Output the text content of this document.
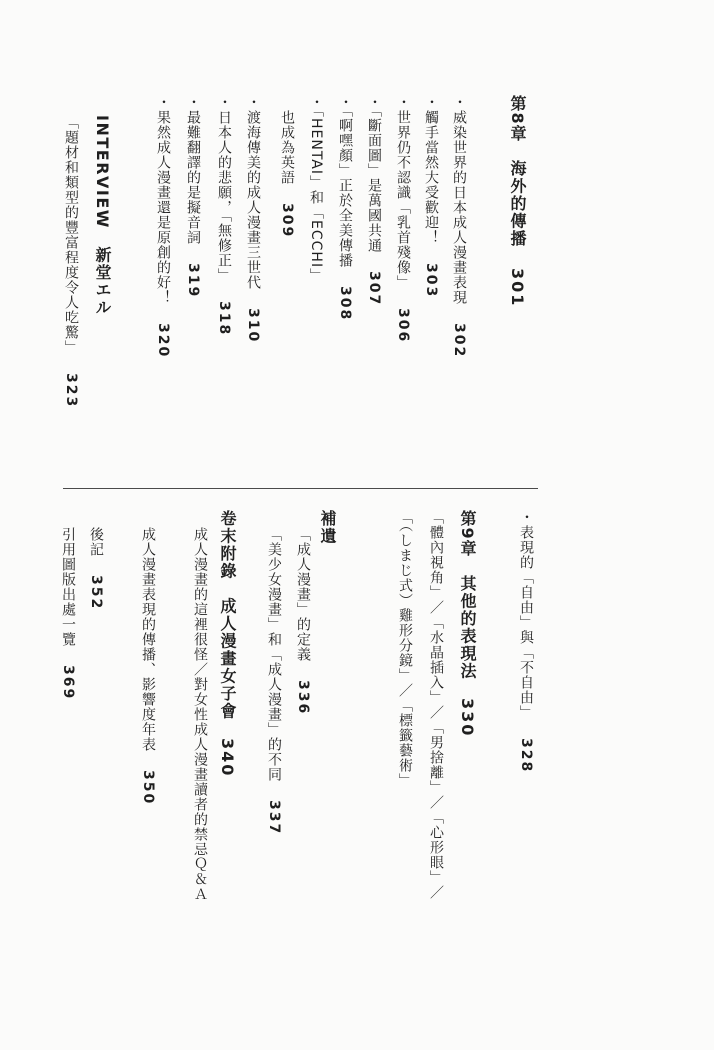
第8章　海外的傳播301
・威染世界的日本成人漫畫表現302
・觸手當然大受歡迎！303
・世界仍不認識「乳首殘像」306
・「斷面圖」是萬國共通307
・「啊嘿顏」正於全美傳播308
・「HENTAI」和「ECCHI」
也成為英語309
・渡海傳美的成人漫畫三世代310
・日本人的悲願，「無修正」318
・最難翻譯的是擬音詞319
・果然成人漫畫還是原創的好！320
INTERVIEW　新堂エル
「題材和類型的豐富程度令人吃驚」323
・表現的「自由」與「不自由」328
第9章　其他的表現法330
「體內視角」／「水晶插入」／「男捨離」／「心形眼」／
「（しまじ式）雞形分鏡」／「標籤藝術」
補遺
「成人漫畫」的定義336
「美少女漫畫」和「成人漫畫」的不同337
卷末附錄　成人漫畫女子會340
成人漫畫的這裡很怪／對女性成人漫畫讀者的禁忌Ｑ＆Ａ
成人漫畫表現的傳播、影響度年表350
後記352
引用圖版出處一覽369
